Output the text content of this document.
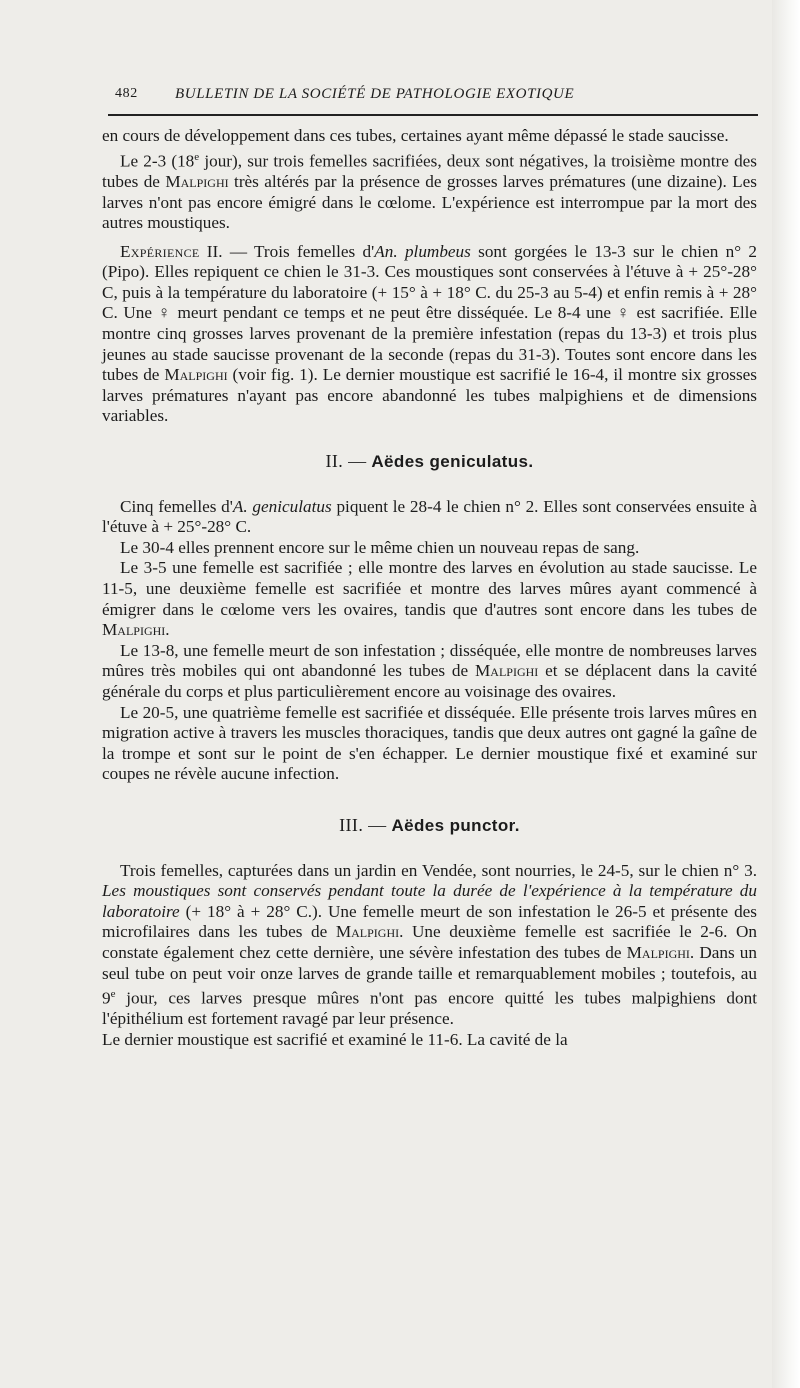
482 BULLETIN DE LA SOCIÉTÉ DE PATHOLOGIE EXOTIQUE

en cours de développement dans ces tubes, certaines ayant même dépassé le stade saucisse.

Le 2-3 (18e jour), sur trois femelles sacrifiées, deux sont négatives, la troisième montre des tubes de Malpighi très altérés par la présence de grosses larves prématures (une dizaine). Les larves n'ont pas encore émigré dans le cœlome. L'expérience est interrompue par la mort des autres moustiques.

Expérience II. — Trois femelles d'An. plumbeus sont gorgées le 13-3 sur le chien n° 2 (Pipo). Elles repiquent ce chien le 31-3. Ces moustiques sont conservées à l'étuve à + 25°-28° C, puis à la température du laboratoire (+ 15° à + 18° C. du 25-3 au 5-4) et enfin remis à + 28° C. Une ♀ meurt pendant ce temps et ne peut être disséquée. Le 8-4 une ♀ est sacrifiée. Elle montre cinq grosses larves provenant de la première infestation (repas du 13-3) et trois plus jeunes au stade saucisse provenant de la seconde (repas du 31-3). Toutes sont encore dans les tubes de Malpighi (voir fig. 1). Le dernier moustique est sacrifié le 16-4, il montre six grosses larves prématures n'ayant pas encore abandonné les tubes malpighiens et de dimensions variables.

II. — Aëdes geniculatus.

Cinq femelles d'A. geniculatus piquent le 28-4 le chien n° 2. Elles sont conservées ensuite à l'étuve à + 25°-28° C.

Le 30-4 elles prennent encore sur le même chien un nouveau repas de sang.

Le 3-5 une femelle est sacrifiée ; elle montre des larves en évolution au stade saucisse. Le 11-5, une deuxième femelle est sacrifiée et montre des larves mûres ayant commencé à émigrer dans le cœlome vers les ovaires, tandis que d'autres sont encore dans les tubes de Malpighi.

Le 13-8, une femelle meurt de son infestation ; disséquée, elle montre de nombreuses larves mûres très mobiles qui ont abandonné les tubes de Malpighi et se déplacent dans la cavité générale du corps et plus particulièrement encore au voisinage des ovaires.

Le 20-5, une quatrième femelle est sacrifiée et disséquée. Elle présente trois larves mûres en migration active à travers les muscles thoraciques, tandis que deux autres ont gagné la gaîne de la trompe et sont sur le point de s'en échapper. Le dernier moustique fixé et examiné sur coupes ne révèle aucune infection.

III. — Aëdes punctor.

Trois femelles, capturées dans un jardin en Vendée, sont nourries, le 24-5, sur le chien n° 3. Les moustiques sont conservés pendant toute la durée de l'expérience à la température du laboratoire (+ 18° à + 28° C.). Une femelle meurt de son infestation le 26-5 et présente des microfilaires dans les tubes de Malpighi. Une deuxième femelle est sacrifiée le 2-6. On constate également chez cette dernière, une sévère infestation des tubes de Malpighi. Dans un seul tube on peut voir onze larves de grande taille et remarquablement mobiles ; toutefois, au 9e jour, ces larves presque mûres n'ont pas encore quitté les tubes malpighiens dont l'épithélium est fortement ravagé par leur présence.

Le dernier moustique est sacrifié et examiné le 11-6. La cavité de la
